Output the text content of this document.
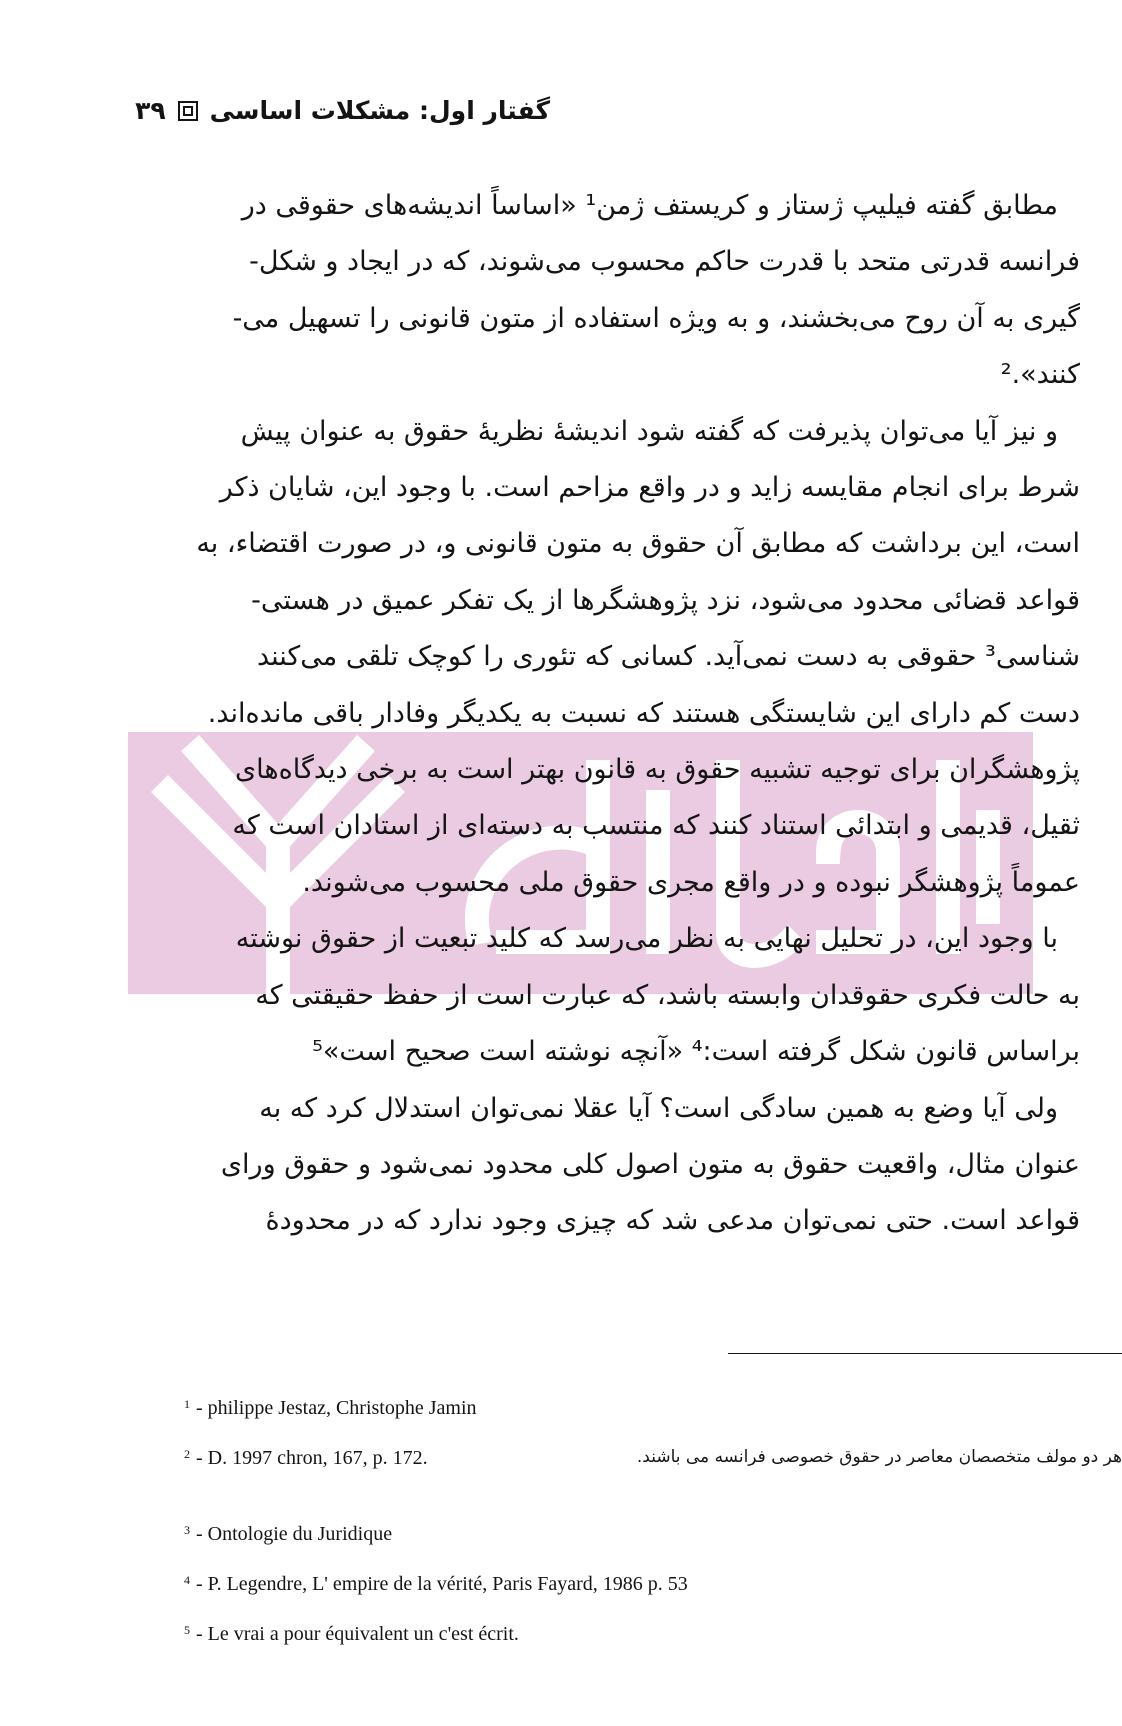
گفتار اول: مشکلات اساسی
۳۹

مطابق گفته فیلیپ ژستاز و کریستف ژمن¹ «اساساً اندیشه‌های حقوقی در
فرانسه قدرتی متحد با قدرت حاکم محسوب می‌شوند، که در ایجاد و شکل-
گیری به آن روح می‌بخشند، و به ویژه استفاده از متون قانونی را تسهیل می-
کنند».²

و نیز آیا می‌توان پذیرفت که گفته شود اندیشهٔ نظریهٔ حقوق به عنوان پیش
شرط برای انجام مقایسه زاید و در واقع مزاحم است. با وجود این، شایان ذکر
است، این برداشت که مطابق آن حقوق به متون قانونی و، در صورت اقتضاء، به
قواعد قضائی محدود می‌شود، نزد پژوهشگرها از یک تفکر عمیق در هستی-
شناسی³ حقوقی به دست نمی‌آید. کسانی که تئوری را کوچک تلقی می‌کنند
دست کم دارای این شایستگی هستند که نسبت به یکدیگر وفادار باقی مانده‌اند.
پژوهشگران برای توجیه تشبیه حقوق به قانون بهتر است به برخی دیدگاه‌های
ثقیل، قدیمی و ابتدائی استناد کنند که منتسب به دسته‌ای از استادان است که
عموماً پژوهشگر نبوده و در واقع مجری حقوق ملی محسوب می‌شوند.

با وجود این، در تحلیل نهایی به نظر می‌رسد که کلید تبعیت از حقوق نوشته
به حالت فکری حقوقدان وابسته باشد، که عبارت است از حفظ حقیقتی که
براساس قانون شکل گرفته است:⁴ «آنچه نوشته است صحیح است»⁵

ولی آیا وضع به همین سادگی است؟ آیا عقلا نمی‌توان استدلال کرد که به
عنوان مثال، واقعیت حقوق به متون اصول کلی محدود نمی‌شود و حقوق ورای
قواعد است. حتی نمی‌توان مدعی شد که چیزی وجود ندارد که در محدودهٔ

$^1$ - philippe Jestaz, Christophe Jamin
$^2$ - D. 1997 chron, 167, p. 172.
$^3$ - Ontologie du Juridique
$^4$ - P. Legendre, L' empire de la vérité, Paris Fayard, 1986 p. 53
$^5$ - Le vrai a pour équivalent un c'est écrit.
هر دو مولف متخصصان معاصر در حقوق خصوصی فرانسه می باشند.
